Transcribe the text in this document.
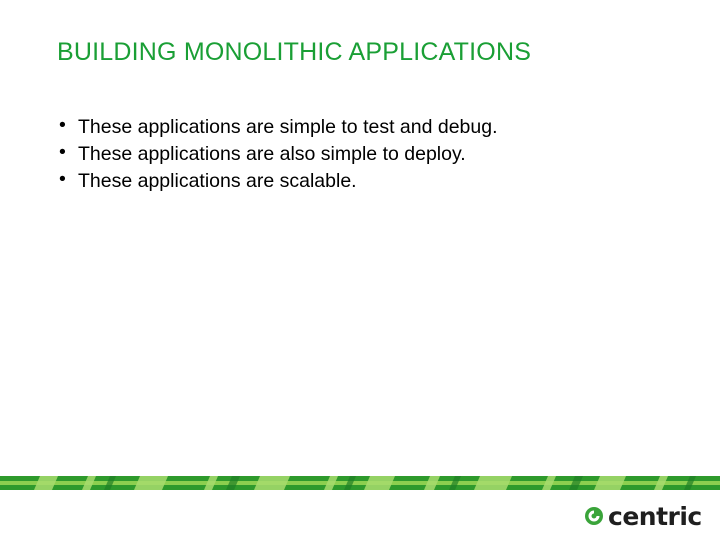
BUILDING MONOLITHIC APPLICATIONS
• These applications are simple to test and debug.
• These applications are also simple to deploy.
• These applications are scalable.
centric
